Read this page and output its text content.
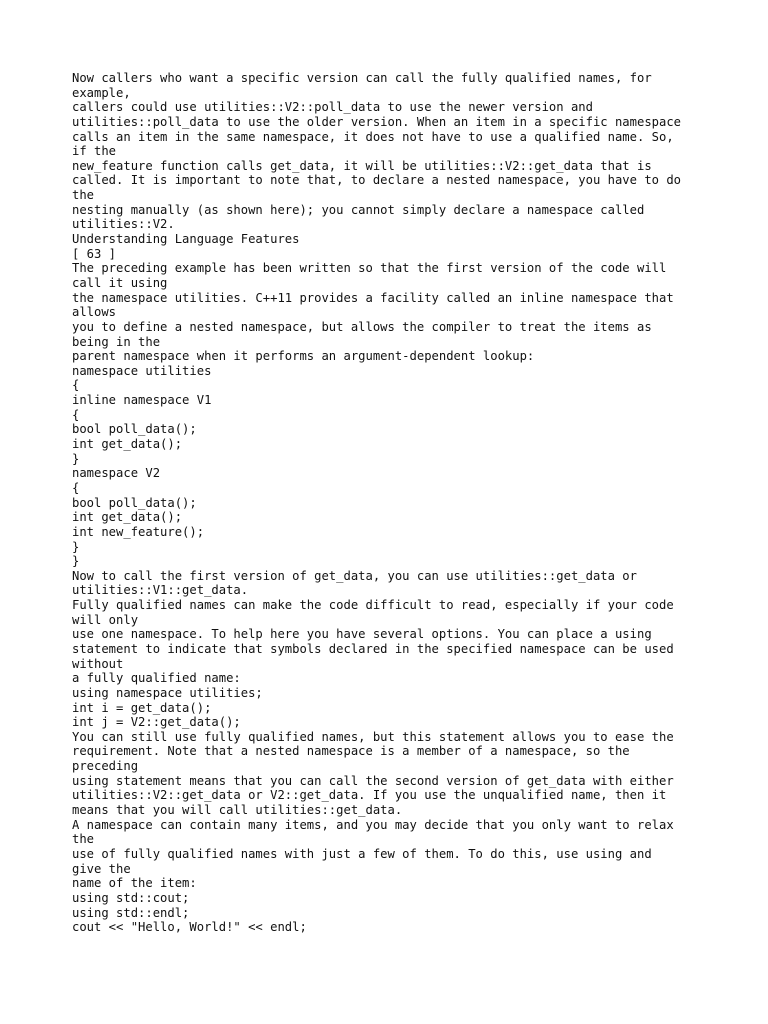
Now callers who want a specific version can call the fully qualified names, for
example,
callers could use utilities::V2::poll_data to use the newer version and
utilities::poll_data to use the older version. When an item in a specific namespace
calls an item in the same namespace, it does not have to use a qualified name. So,
if the
new_feature function calls get_data, it will be utilities::V2::get_data that is
called. It is important to note that, to declare a nested namespace, you have to do
the
nesting manually (as shown here); you cannot simply declare a namespace called
utilities::V2.
Understanding Language Features
[ 63 ]
The preceding example has been written so that the first version of the code will
call it using
the namespace utilities. C++11 provides a facility called an inline namespace that
allows
you to define a nested namespace, but allows the compiler to treat the items as
being in the
parent namespace when it performs an argument-dependent lookup:
namespace utilities
{
inline namespace V1
{
bool poll_data();
int get_data();
}
namespace V2
{
bool poll_data();
int get_data();
int new_feature();
}
}
Now to call the first version of get_data, you can use utilities::get_data or
utilities::V1::get_data.
Fully qualified names can make the code difficult to read, especially if your code
will only
use one namespace. To help here you have several options. You can place a using
statement to indicate that symbols declared in the specified namespace can be used
without
a fully qualified name:
using namespace utilities;
int i = get_data();
int j = V2::get_data();
You can still use fully qualified names, but this statement allows you to ease the
requirement. Note that a nested namespace is a member of a namespace, so the
preceding
using statement means that you can call the second version of get_data with either
utilities::V2::get_data or V2::get_data. If you use the unqualified name, then it
means that you will call utilities::get_data.
A namespace can contain many items, and you may decide that you only want to relax
the
use of fully qualified names with just a few of them. To do this, use using and
give the
name of the item:
using std::cout;
using std::endl;
cout << "Hello, World!" << endl;
